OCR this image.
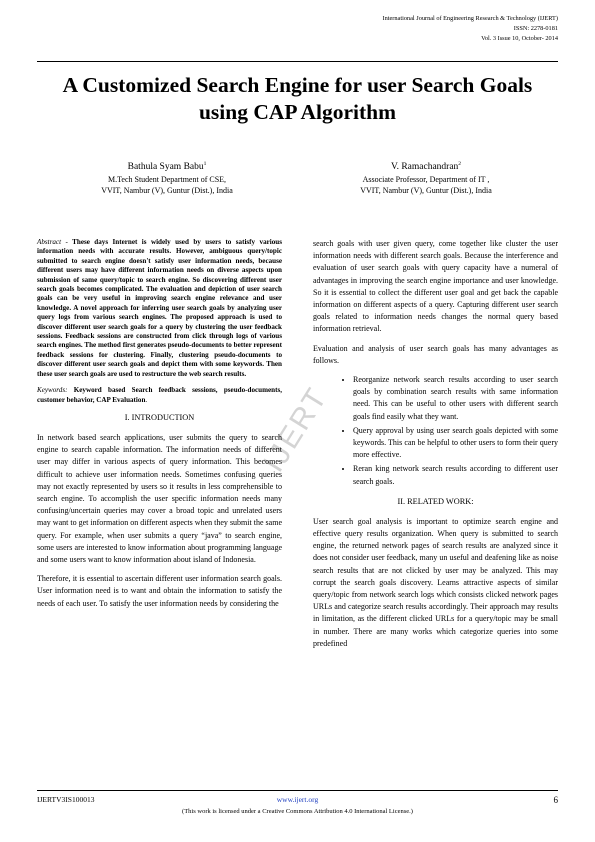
International Journal of Engineering Research & Technology (IJERT)
ISSN: 2278-0181
Vol. 3 Issue 10, October- 2014
A Customized Search Engine for user Search Goals using CAP Algorithm
Bathula Syam Babu$^1$
M.Tech Student Department of CSE,
VVIT, Nambur (V), Guntur (Dist.), India
V. Ramachandran$^2$
Associate Professor, Department of IT ,
VVIT, Nambur (V), Guntur (Dist.), India
IJERT

Abstract - These days Internet is widely used by users to satisfy various information needs with accurate results. However, ambiguous query/topic submitted to search engine doesn't satisfy user information needs, because different users may have different information needs on diverse aspects upon submission of same query/topic to search engine. So discovering different user search goals becomes complicated. The evaluation and depiction of user search goals can be very useful in improving search engine relevance and user knowledge. A novel approach for inferring user search goals by analyzing user query logs from various search engines. The proposed approach is used to discover different user search goals for a query by clustering the user feedback sessions. Feedback sessions are constructed from click through logs of various search engines. The method first generates pseudo-documents to better represent feedback sessions for clustering. Finally, clustering pseudo-documents to discover different user search goals and depict them with some keywords. Then these user search goals are used to restructure the web search results.

Keywords: Keyword based Search feedback sessions, pseudo-documents, customer behavior, CAP Evaluation.

I. INTRODUCTION

In network based search applications, user submits the query to search engine to search capable information. The information needs of different user may differ in various aspects of query information. This becomes difficult to achieve user information needs. Sometimes confusing queries may not exactly represented by users so it results in less comprehensible to search engine. To accomplish the user specific information needs many confusing/uncertain queries may cover a broad topic and unrelated users may want to get information on different aspects when they submit the same query. For example, when user submits a query “java” to search engine, some users are interested to know information about programming language and some users want to know information about island of Indonesia.

Therefore, it is essential to ascertain different user information search goals. User information need is to want and obtain the information to satisfy the needs of each user. To satisfy the user information needs by considering the

search goals with user given query, come together like cluster the user information needs with different search goals. Because the interference and evaluation of user search goals with query capacity have a numeral of advantages in improving the search engine importance and user knowledge. So it is essential to collect the different user goal and get back the capable information on different aspects of a query. Capturing different user search goals related to information needs changes the normal query based information retrieval.

Evaluation and analysis of user search goals has many advantages as follows.

• Reorganize network search results according to user search goals by combination search results with same information need. This can be useful to other users with different search goals find easily what they want.
• Query approval by using user search goals depicted with some keywords. This can be helpful to other users to form their query more effective.
• Reran king network search results according to different user search goals.
II. RELATED WORK:

User search goal analysis is important to optimize search engine and effective query results organization. When query is submitted to search engine, the returned network pages of search results are analyzed since it does not consider user feedback, many un useful and deafening like as noise search results that are not clicked by user may be analyzed. This may corrupt the search goals discovery. Learns attractive aspects of similar query/topic from network search logs which consists clicked network pages URLs and categorize search results accordingly. Their approach may results in limitation, as the different clicked URLs for a query/topic may be small in number. There are many works which categorize queries into some predefined

IJERTV3IS100013	www.ijert.org	6
(This work is licensed under a Creative Commons Attribution 4.0 International License.)
